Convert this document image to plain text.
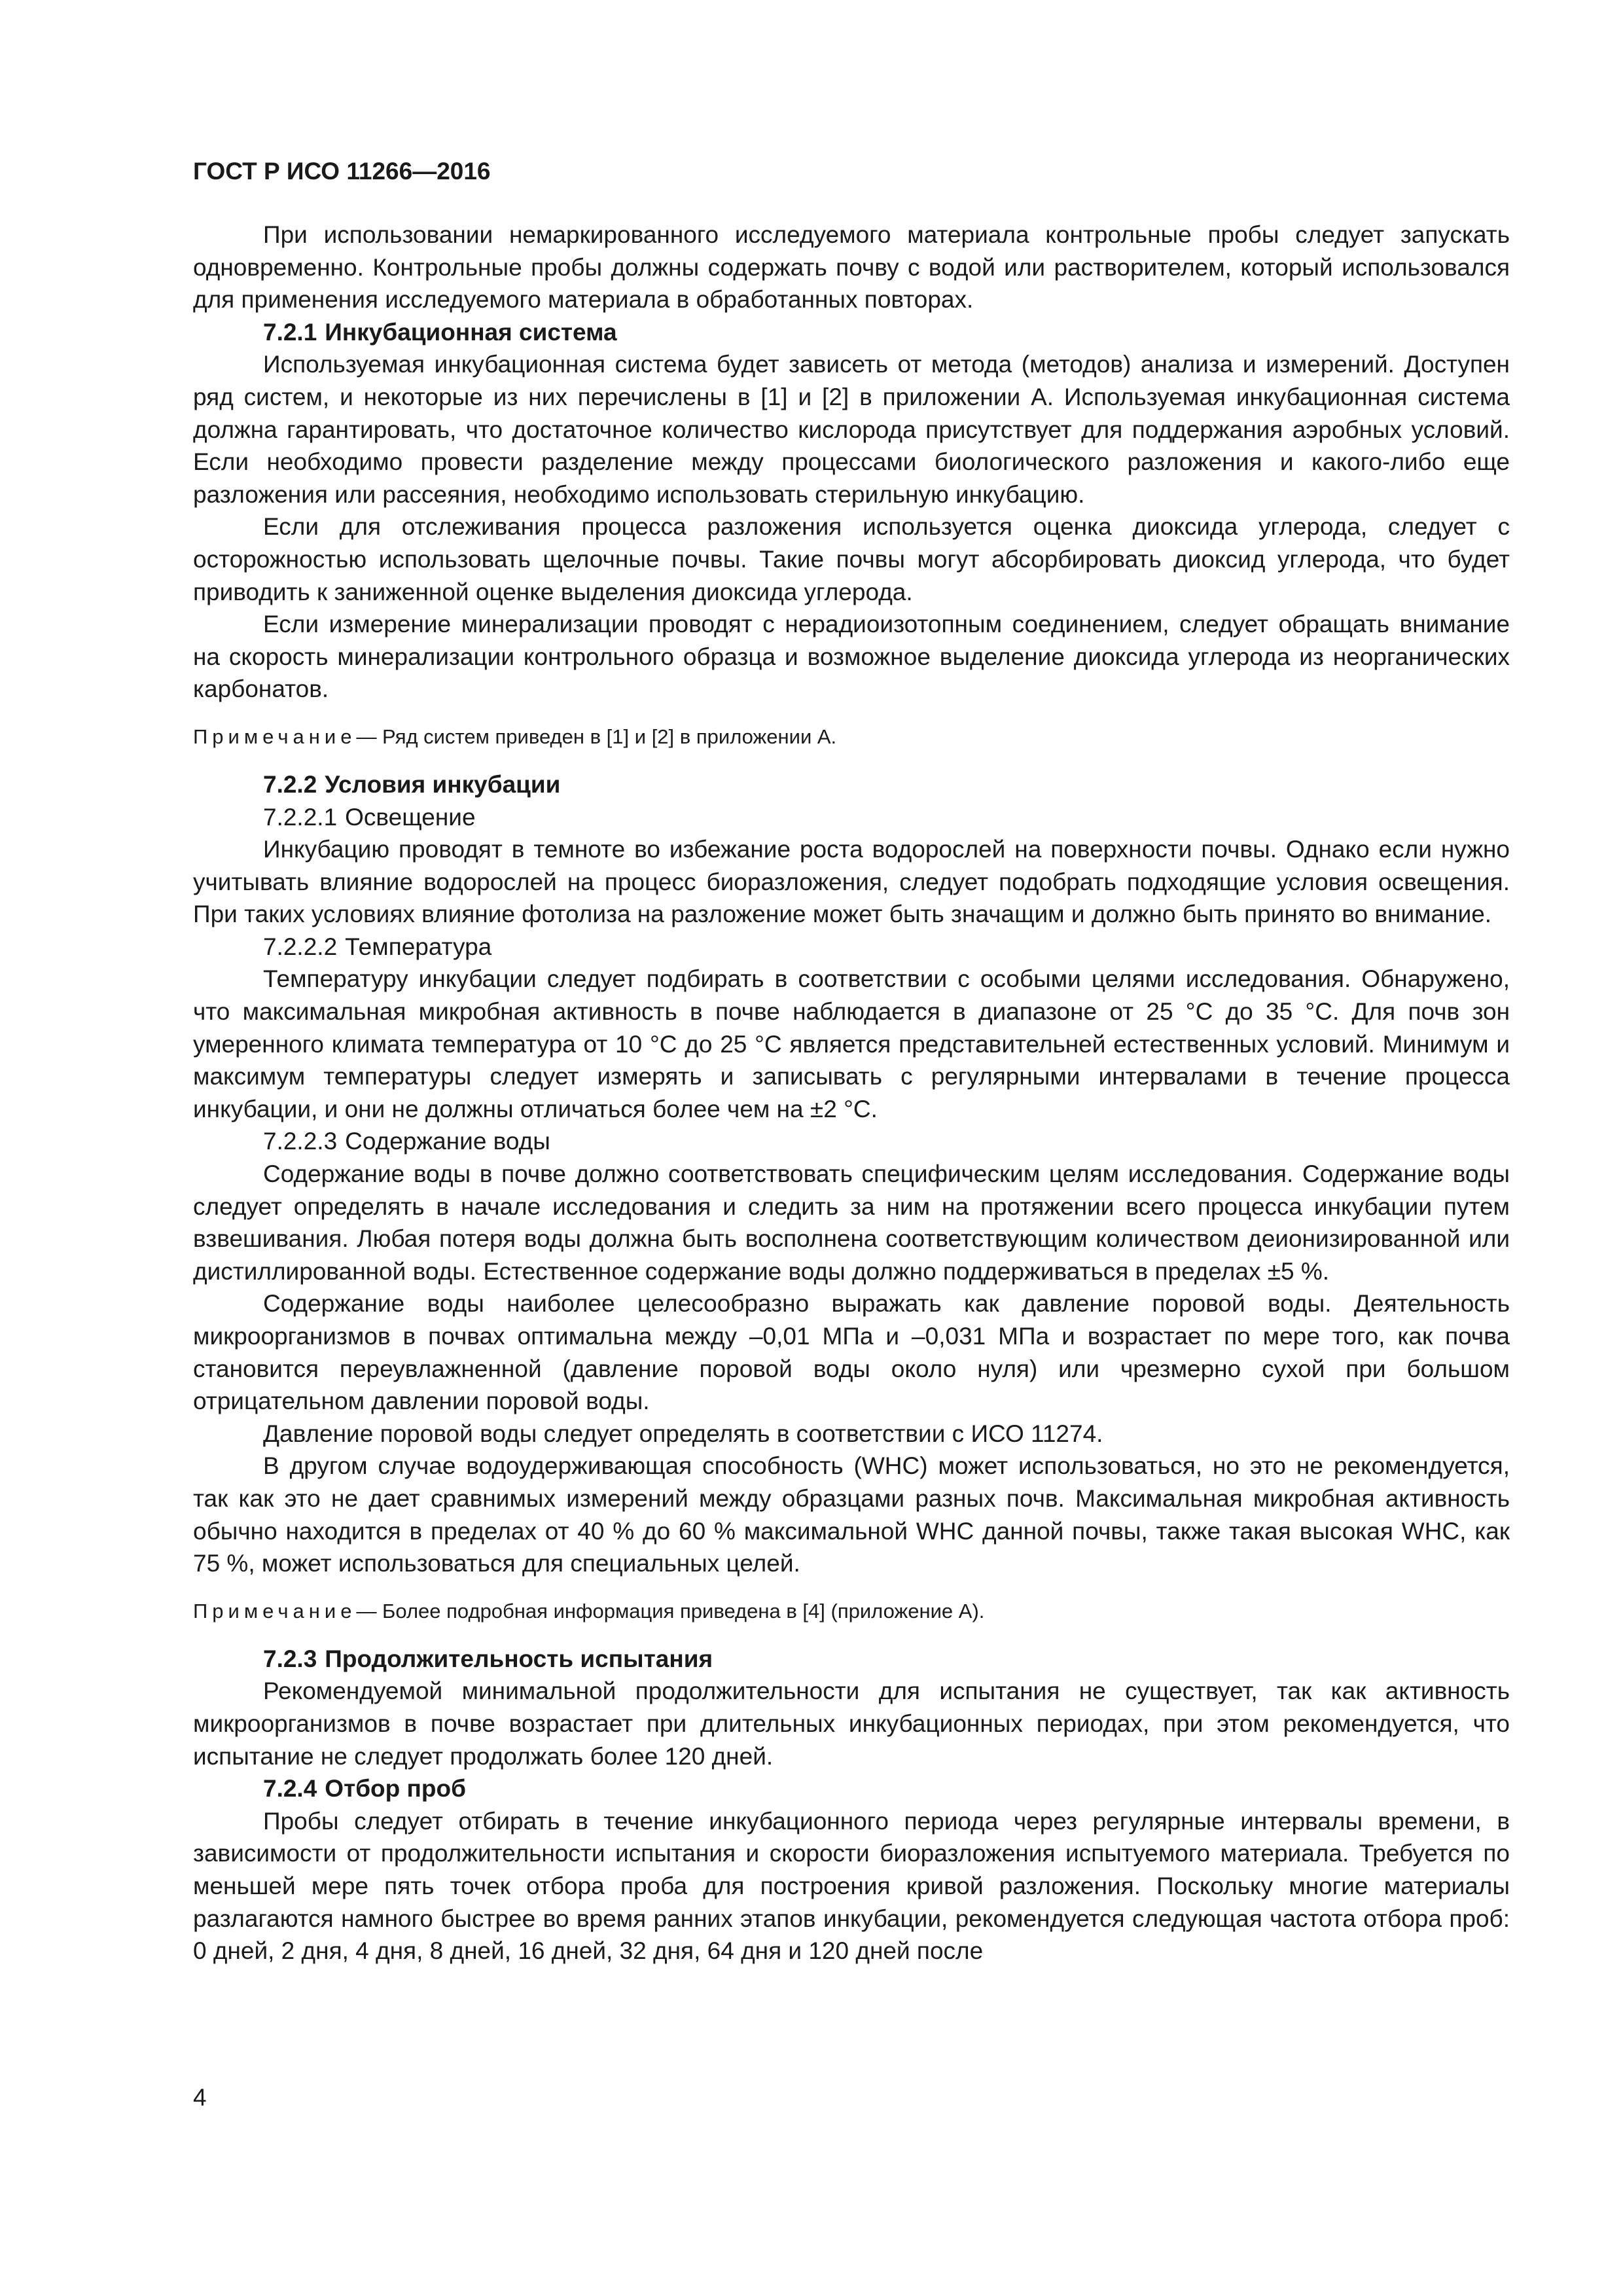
ГОСТ Р ИСО 11266—2016

При использовании немаркированного исследуемого материала контрольные пробы следует запускать одновременно. Контрольные пробы должны содержать почву с водой или растворителем, который использовался для применения исследуемого материала в обработанных повторах.

7.2.1 Инкубационная система

Используемая инкубационная система будет зависеть от метода (методов) анализа и измерений. Доступен ряд систем, и некоторые из них перечислены в [1] и [2] в приложении А. Используемая инкубационная система должна гарантировать, что достаточное количество кислорода присутствует для поддержания аэробных условий. Если необходимо провести разделение между процессами биологического разложения и какого-либо еще разложения или рассеяния, необходимо использовать стерильную инкубацию.

Если для отслеживания процесса разложения используется оценка диоксида углерода, следует с осторожностью использовать щелочные почвы. Такие почвы могут абсорбировать диоксид углерода, что будет приводить к заниженной оценке выделения диоксида углерода.

Если измерение минерализации проводят с нерадиоизотопным соединением, следует обращать внимание на скорость минерализации контрольного образца и возможное выделение диоксида углерода из неорганических карбонатов.

Примечание— Ряд систем приведен в [1] и [2] в приложении А.
7.2.2 Условия инкубации
7.2.2.1 Освещение

Инкубацию проводят в темноте во избежание роста водорослей на поверхности почвы. Однако если нужно учитывать влияние водорослей на процесс биоразложения, следует подобрать подходящие условия освещения. При таких условиях влияние фотолиза на разложение может быть значащим и должно быть принято во внимание.

7.2.2.2 Температура

Температуру инкубации следует подбирать в соответствии с особыми целями исследования. Обнаружено, что максимальная микробная активность в почве наблюдается в диапазоне от 25 °С до 35 °С. Для почв зон умеренного климата температура от 10 °С до 25 °С является представительней естественных условий. Минимум и максимум температуры следует измерять и записывать с регулярными интервалами в течение процесса инкубации, и они не должны отличаться более чем на ±2 °С.

7.2.2.3 Содержание воды

Содержание воды в почве должно соответствовать специфическим целям исследования. Содержание воды следует определять в начале исследования и следить за ним на протяжении всего процесса инкубации путем взвешивания. Любая потеря воды должна быть восполнена соответствующим количеством деионизированной или дистиллированной воды. Естественное содержание воды должно поддерживаться в пределах ±5 %.

Содержание воды наиболее целесообразно выражать как давление поровой воды. Деятельность микроорганизмов в почвах оптимальна между –0,01 МПа и –0,031 МПа и возрастает по мере того, как почва становится переувлажненной (давление поровой воды около нуля) или чрезмерно сухой при большом отрицательном давлении поровой воды.

Давление поровой воды следует определять в соответствии с ИСО 11274.

В другом случае водоудерживающая способность (WHC) может использоваться, но это не рекомендуется, так как это не дает сравнимых измерений между образцами разных почв. Максимальная микробная активность обычно находится в пределах от 40 % до 60 % максимальной WHC данной почвы, также такая высокая WHC, как 75 %, может использоваться для специальных целей.

Примечание— Более подробная информация приведена в [4] (приложение А).
7.2.3 Продолжительность испытания

Рекомендуемой минимальной продолжительности для испытания не существует, так как активность микроорганизмов в почве возрастает при длительных инкубационных периодах, при этом рекомендуется, что испытание не следует продолжать более 120 дней.

7.2.4 Отбор проб

Пробы следует отбирать в течение инкубационного периода через регулярные интервалы времени, в зависимости от продолжительности испытания и скорости биоразложения испытуемого материала. Требуется по меньшей мере пять точек отбора проба для построения кривой разложения. Поскольку многие материалы разлагаются намного быстрее во время ранних этапов инкубации, рекомендуется следующая частота отбора проб: 0 дней, 2 дня, 4 дня, 8 дней, 16 дней, 32 дня, 64 дня и 120 дней после

4
